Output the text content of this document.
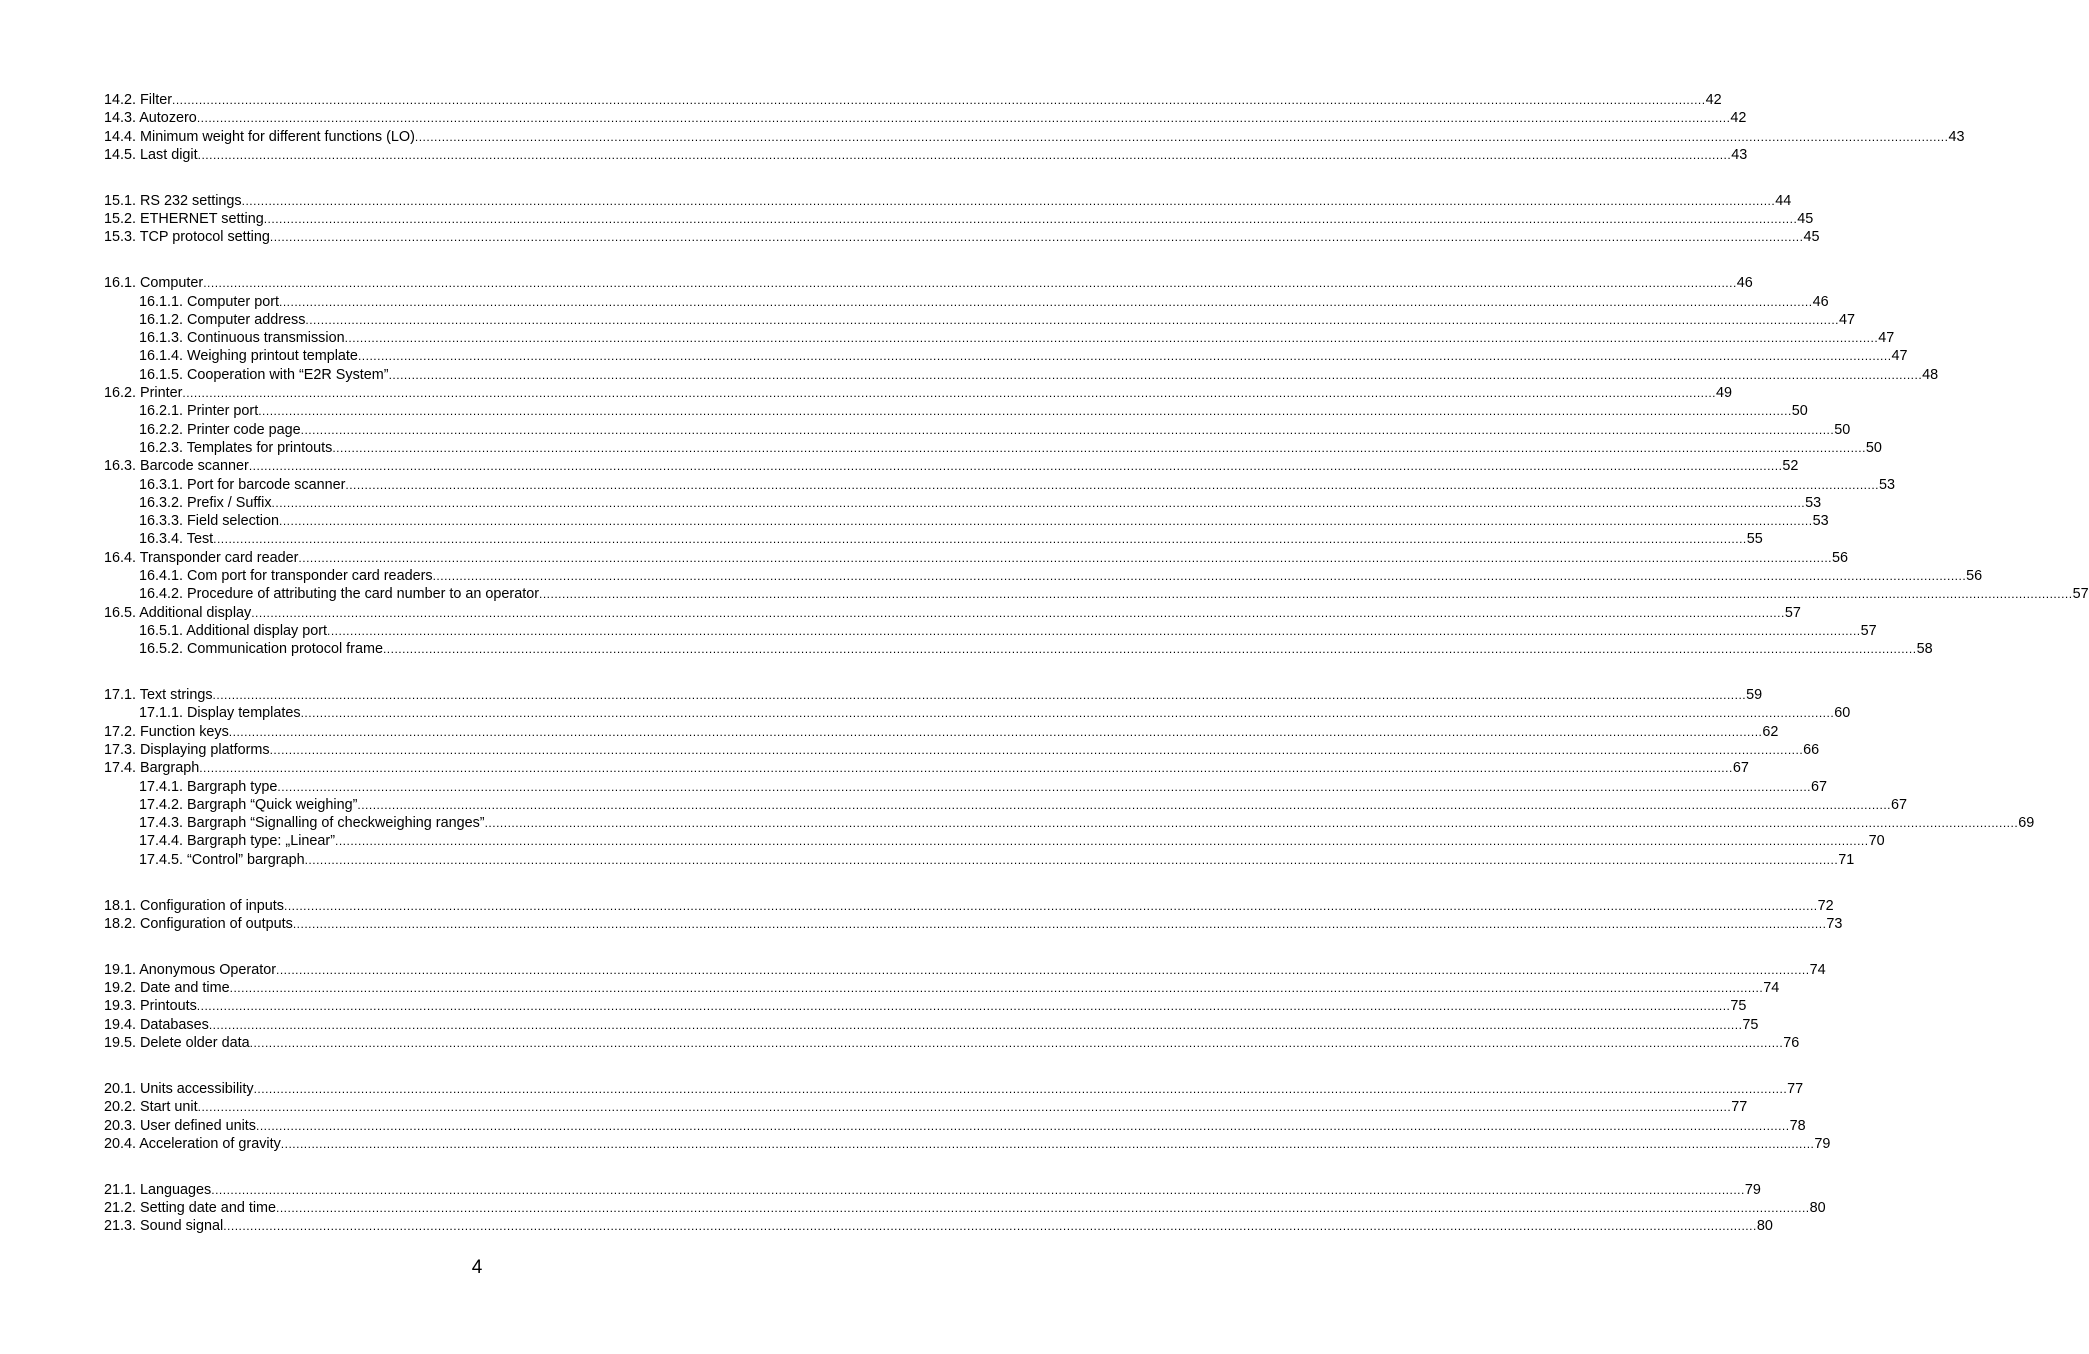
14.2. Filter ................................................................................................................................................................................................................................................................................................................................................................................................................ 42
14.3. Autozero ................................................................................................................................................................................................................................................................................................................................................................................................................ 42
14.4. Minimum weight for different functions (LO) ................................................................................................................................................................................................................................................................................................................................................................................................................ 43
14.5. Last digit ................................................................................................................................................................................................................................................................................................................................................................................................................ 43
15.1. RS 232 settings ................................................................................................................................................................................................................................................................................................................................................................................................................ 44
15.2. ETHERNET setting ................................................................................................................................................................................................................................................................................................................................................................................................................ 45
15.3. TCP protocol setting ................................................................................................................................................................................................................................................................................................................................................................................................................ 45
16.1. Computer ................................................................................................................................................................................................................................................................................................................................................................................................................ 46
16.1.1. Computer port ................................................................................................................................................................................................................................................................................................................................................................................................................ 46
16.1.2. Computer address ................................................................................................................................................................................................................................................................................................................................................................................................................ 47
16.1.3. Continuous transmission ................................................................................................................................................................................................................................................................................................................................................................................................................ 47
16.1.4. Weighing printout template ................................................................................................................................................................................................................................................................................................................................................................................................................ 47
16.1.5. Cooperation with “E2R System” ................................................................................................................................................................................................................................................................................................................................................................................................................ 48
16.2. Printer ................................................................................................................................................................................................................................................................................................................................................................................................................ 49
16.2.1. Printer port ................................................................................................................................................................................................................................................................................................................................................................................................................ 50
16.2.2. Printer code page ................................................................................................................................................................................................................................................................................................................................................................................................................ 50
16.2.3. Templates for printouts ................................................................................................................................................................................................................................................................................................................................................................................................................ 50
16.3. Barcode scanner ................................................................................................................................................................................................................................................................................................................................................................................................................ 52
16.3.1. Port for barcode scanner ................................................................................................................................................................................................................................................................................................................................................................................................................ 53
16.3.2. Prefix / Suffix ................................................................................................................................................................................................................................................................................................................................................................................................................ 53
16.3.3. Field selection ................................................................................................................................................................................................................................................................................................................................................................................................................ 53
16.3.4. Test ................................................................................................................................................................................................................................................................................................................................................................................................................ 55
16.4. Transponder card reader ................................................................................................................................................................................................................................................................................................................................................................................................................ 56
16.4.1. Com port for transponder card readers ................................................................................................................................................................................................................................................................................................................................................................................................................ 56
16.4.2. Procedure of attributing the card number to an operator ................................................................................................................................................................................................................................................................................................................................................................................................................ 57
16.5. Additional display ................................................................................................................................................................................................................................................................................................................................................................................................................ 57
16.5.1. Additional display port ................................................................................................................................................................................................................................................................................................................................................................................................................ 57
16.5.2. Communication protocol frame ................................................................................................................................................................................................................................................................................................................................................................................................................ 58
17.1. Text strings ................................................................................................................................................................................................................................................................................................................................................................................................................ 59
17.1.1. Display templates ................................................................................................................................................................................................................................................................................................................................................................................................................ 60
17.2. Function keys ................................................................................................................................................................................................................................................................................................................................................................................................................ 62
17.3. Displaying platforms ................................................................................................................................................................................................................................................................................................................................................................................................................ 66
17.4. Bargraph ................................................................................................................................................................................................................................................................................................................................................................................................................ 67
17.4.1. Bargraph type ................................................................................................................................................................................................................................................................................................................................................................................................................ 67
17.4.2. Bargraph “Quick weighing” ................................................................................................................................................................................................................................................................................................................................................................................................................ 67
17.4.3. Bargraph “Signalling of checkweighing ranges” ................................................................................................................................................................................................................................................................................................................................................................................................................ 69
17.4.4. Bargraph type: „Linear” ................................................................................................................................................................................................................................................................................................................................................................................................................ 70
17.4.5. “Control” bargraph ................................................................................................................................................................................................................................................................................................................................................................................................................ 71
18.1. Configuration of inputs ................................................................................................................................................................................................................................................................................................................................................................................................................ 72
18.2. Configuration of outputs ................................................................................................................................................................................................................................................................................................................................................................................................................ 73
19.1. Anonymous Operator ................................................................................................................................................................................................................................................................................................................................................................................................................ 74
19.2. Date and time ................................................................................................................................................................................................................................................................................................................................................................................................................ 74
19.3. Printouts ................................................................................................................................................................................................................................................................................................................................................................................................................ 75
19.4. Databases ................................................................................................................................................................................................................................................................................................................................................................................................................ 75
19.5. Delete older data ................................................................................................................................................................................................................................................................................................................................................................................................................ 76
20.1. Units accessibility ................................................................................................................................................................................................................................................................................................................................................................................................................ 77
20.2. Start unit ................................................................................................................................................................................................................................................................................................................................................................................................................ 77
20.3. User defined units ................................................................................................................................................................................................................................................................................................................................................................................................................ 78
20.4. Acceleration of gravity ................................................................................................................................................................................................................................................................................................................................................................................................................ 79
21.1. Languages ................................................................................................................................................................................................................................................................................................................................................................................................................ 79
21.2. Setting date and time ................................................................................................................................................................................................................................................................................................................................................................................................................ 80
21.3. Sound signal ................................................................................................................................................................................................................................................................................................................................................................................................................ 80
4
